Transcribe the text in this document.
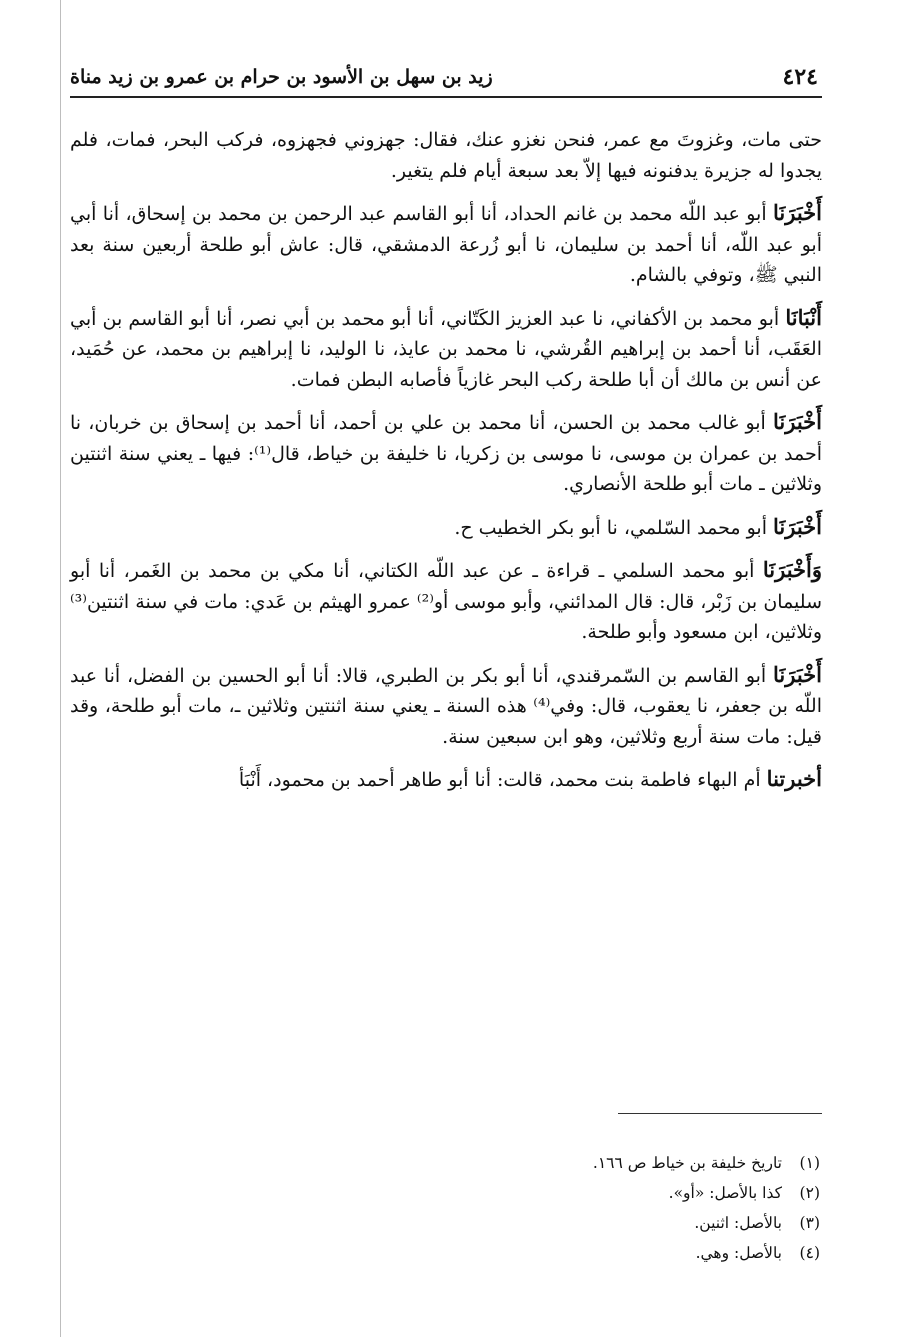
٤٢٤
زيد بن سهل بن الأسود بن حرام بن عمرو بن زيد مناة

حتى مات، وغزوتَ مع عمر، فنحن نغزو عنك، فقال: جهزوني فجهزوه، فركب البحر، فمات، فلم يجدوا له جزيرة يدفنونه فيها إلاّ بعد سبعة أيام فلم يتغير.

أَخْبَرَنَا أبو عبد اللّه محمد بن غانم الحداد، أنا أبو القاسم عبد الرحمن بن محمد بن إسحاق، أنا أبي أبو عبد اللّه، أنا أحمد بن سليمان، نا أبو زُرعة الدمشقي، قال: عاش أبو طلحة أربعين سنة بعد النبي ﷺ، وتوفي بالشام.

أَنْبَانَا أبو محمد بن الأكفاني، نا عبد العزيز الكَتّاني، أنا أبو محمد بن أبي نصر، أنا أبو القاسم بن أبي العَقَب، أنا أحمد بن إبراهيم القُرشي، نا محمد بن عايذ، نا الوليد، نا إبراهيم بن محمد، عن حُمَيد، عن أنس بن مالك أن أبا طلحة ركب البحر غازياً فأصابه البطن فمات.

أَخْبَرَنَا أبو غالب محمد بن الحسن، أنا محمد بن علي بن أحمد، أنا أحمد بن إسحاق بن خربان، نا أحمد بن عمران بن موسى، نا موسى بن زكريا، نا خليفة بن خياط، قال⁽¹⁾: فيها ـ يعني سنة اثنتين وثلاثين ـ مات أبو طلحة الأنصاري.

أَخْبَرَنَا أبو محمد السّلمي، نا أبو بكر الخطيب ح.

وَأَخْبَرَنَا أبو محمد السلمي ـ قراءة ـ عن عبد اللّه الكتاني، أنا مكي بن محمد بن الغَمر، أنا أبو سليمان بن زَبْر، قال: قال المدائني، وأبو موسى أو⁽²⁾ عمرو الهيثم بن عَدي: مات في سنة اثنتين⁽³⁾ وثلاثين، ابن مسعود وأبو طلحة.

أَخْبَرَنَا أبو القاسم بن السّمرقندي، أنا أبو بكر بن الطبري، قالا: أنا أبو الحسين بن الفضل، أنا عبد اللّه بن جعفر، نا يعقوب، قال: وفي⁽⁴⁾ هذه السنة ـ يعني سنة اثنتين وثلاثين ـ، مات أبو طلحة، وقد قيل: مات سنة أربع وثلاثين، وهو ابن سبعين سنة.

أخبرتنا أم البهاء فاطمة بنت محمد، قالت: أنا أبو طاهر أحمد بن محمود، أَنْبَأ

(١)تاريخ خليفة بن خياط ص ١٦٦.
(٢)كذا بالأصل: «أو».
(٣)بالأصل: اثنين.
(٤)بالأصل: وهي.
